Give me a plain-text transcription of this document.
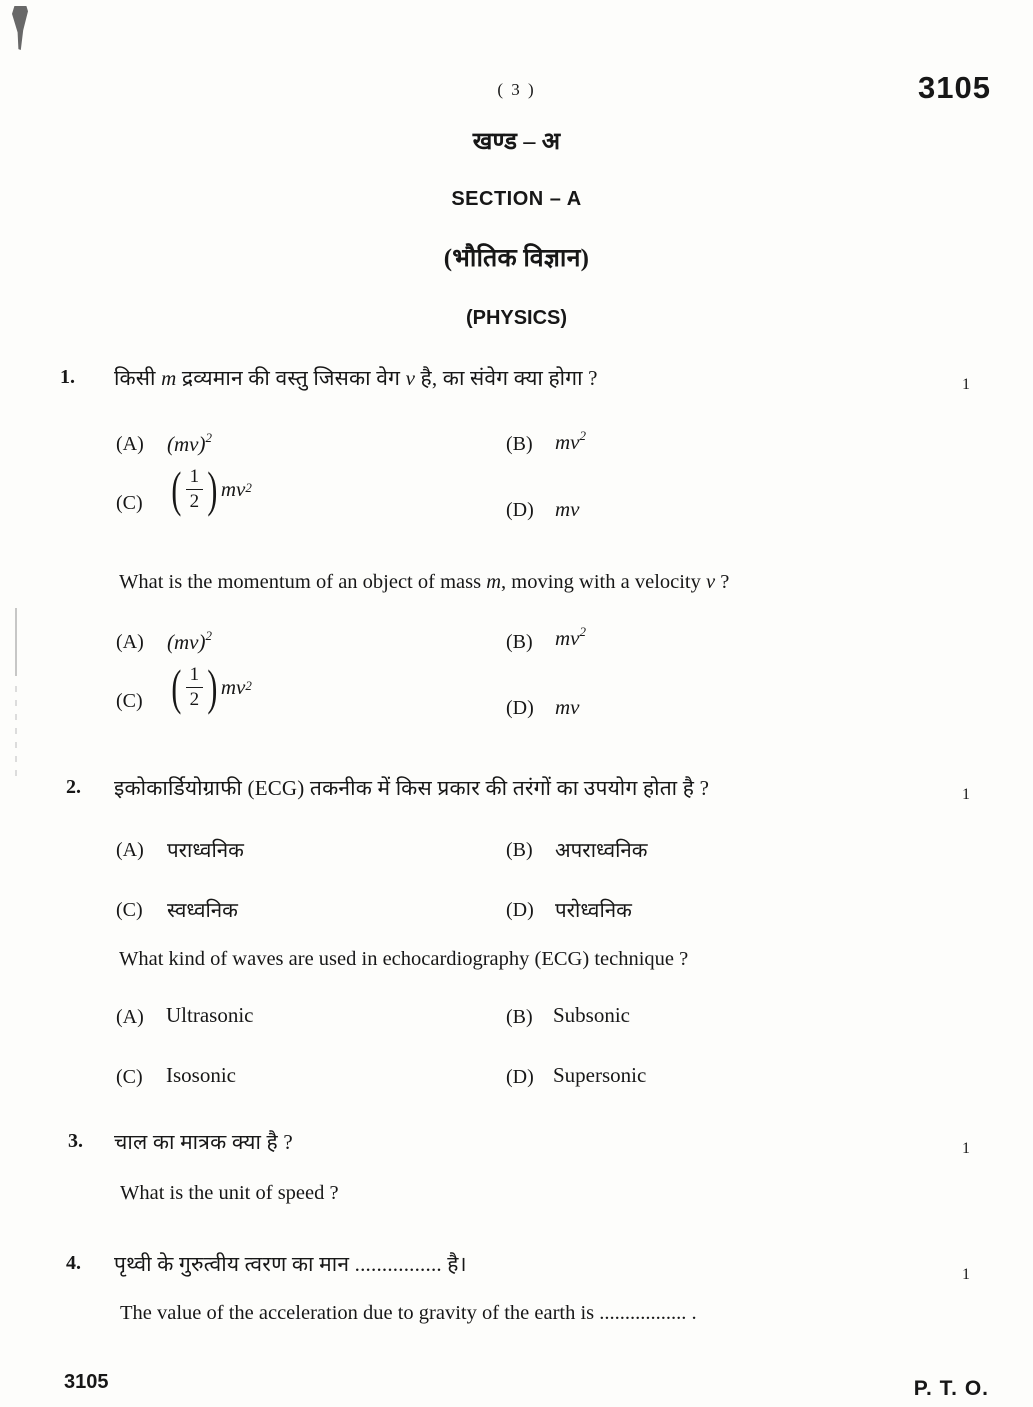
( 3 )	3105
खण्ड – अ
SECTION – A
(भौतिक विज्ञान)
(PHYSICS)
1. किसी m द्रव्यमान की वस्तु जिसका वेग v है, का संवेग क्या होगा ?	1
(A) (mv)$^2$	(B) $mv^2$
(C) ( $\frac{1}{2}$ ) $mv^2$
(D) mv
What is the momentum of an object of mass m, moving with a velocity v ?
(A) (mv)$^2$	(B) $mv^2$
(C) ( $\frac{1}{2}$ ) $mv^2$
(D) mv
2. इकोकार्डियोग्राफी (ECG) तकनीक में किस प्रकार की तरंगों का उपयोग होता है ?	1
(A) पराध्वनिक	(B) अपराध्वनिक
(C) स्वध्वनिक	(D) परोध्वनिक
What kind of waves are used in echocardiography (ECG) technique ?
(A) Ultrasonic	(B) Subsonic
(C) Isosonic	(D) Supersonic
3. चाल का मात्रक क्या है ?	1
What is the unit of speed ?
4. पृथ्वी के गुरुत्वीय त्वरण का मान ................ है।	1
The value of the acceleration due to gravity of the earth is ................. .
3105	P. T. O.
